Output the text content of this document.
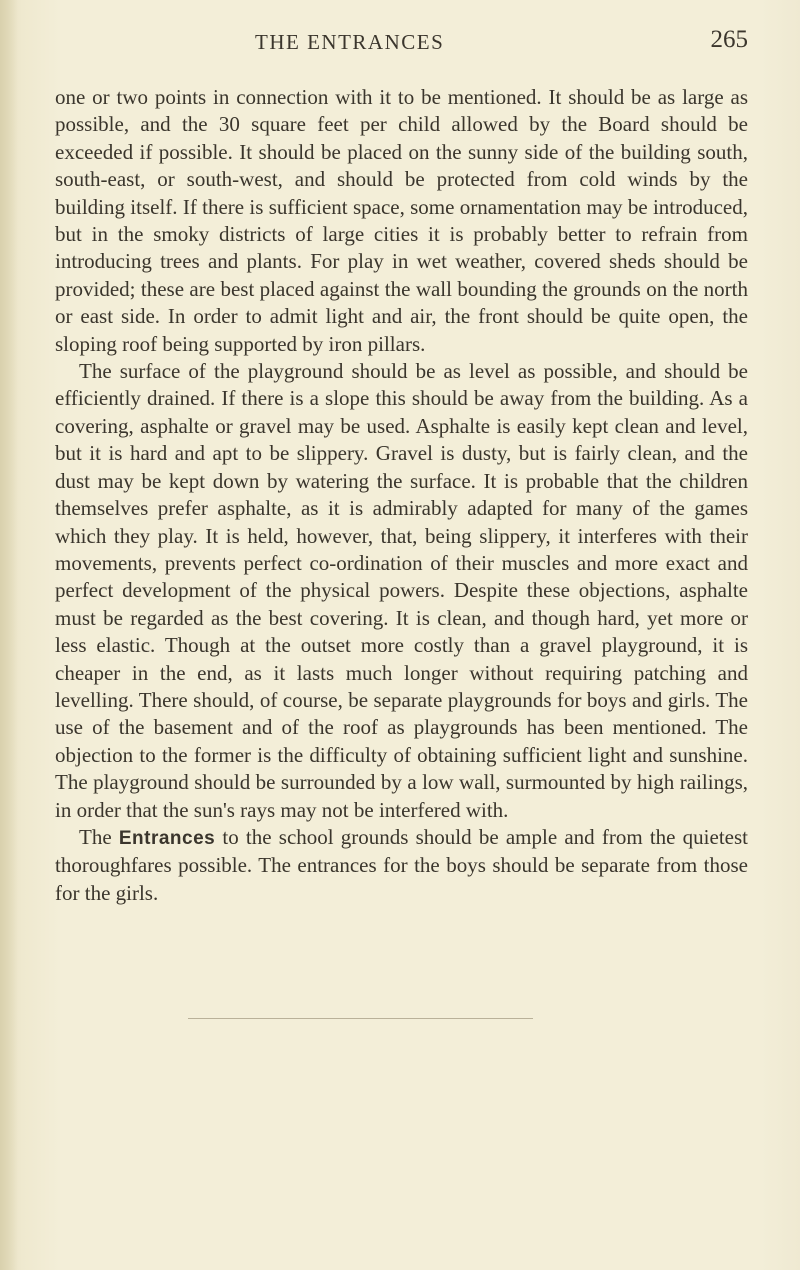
THE ENTRANCES	265

one or two points in connection with it to be mentioned. It should be as large as possible, and the 30 square feet per child allowed by the Board should be exceeded if possible. It should be placed on the sunny side of the building south, south-east, or south-west, and should be protected from cold winds by the building itself. If there is sufficient space, some ornamentation may be introduced, but in the smoky districts of large cities it is probably better to refrain from introducing trees and plants. For play in wet weather, covered sheds should be provided; these are best placed against the wall bounding the grounds on the north or east side. In order to admit light and air, the front should be quite open, the sloping roof being supported by iron pillars.

The surface of the playground should be as level as possible, and should be efficiently drained. If there is a slope this should be away from the building. As a covering, asphalte or gravel may be used. Asphalte is easily kept clean and level, but it is hard and apt to be slippery. Gravel is dusty, but is fairly clean, and the dust may be kept down by watering the surface. It is probable that the children themselves prefer asphalte, as it is admirably adapted for many of the games which they play. It is held, however, that, being slippery, it interferes with their movements, prevents perfect co-ordination of their muscles and more exact and perfect development of the physical powers. Despite these objections, asphalte must be regarded as the best covering. It is clean, and though hard, yet more or less elastic. Though at the outset more costly than a gravel playground, it is cheaper in the end, as it lasts much longer without requiring patching and levelling. There should, of course, be separate playgrounds for boys and girls. The use of the basement and of the roof as playgrounds has been mentioned. The objection to the former is the difficulty of obtaining sufficient light and sunshine. The playground should be surrounded by a low wall, surmounted by high railings, in order that the sun's rays may not be interfered with.

The Entrances to the school grounds should be ample and from the quietest thoroughfares possible. The entrances for the boys should be separate from those for the girls.
